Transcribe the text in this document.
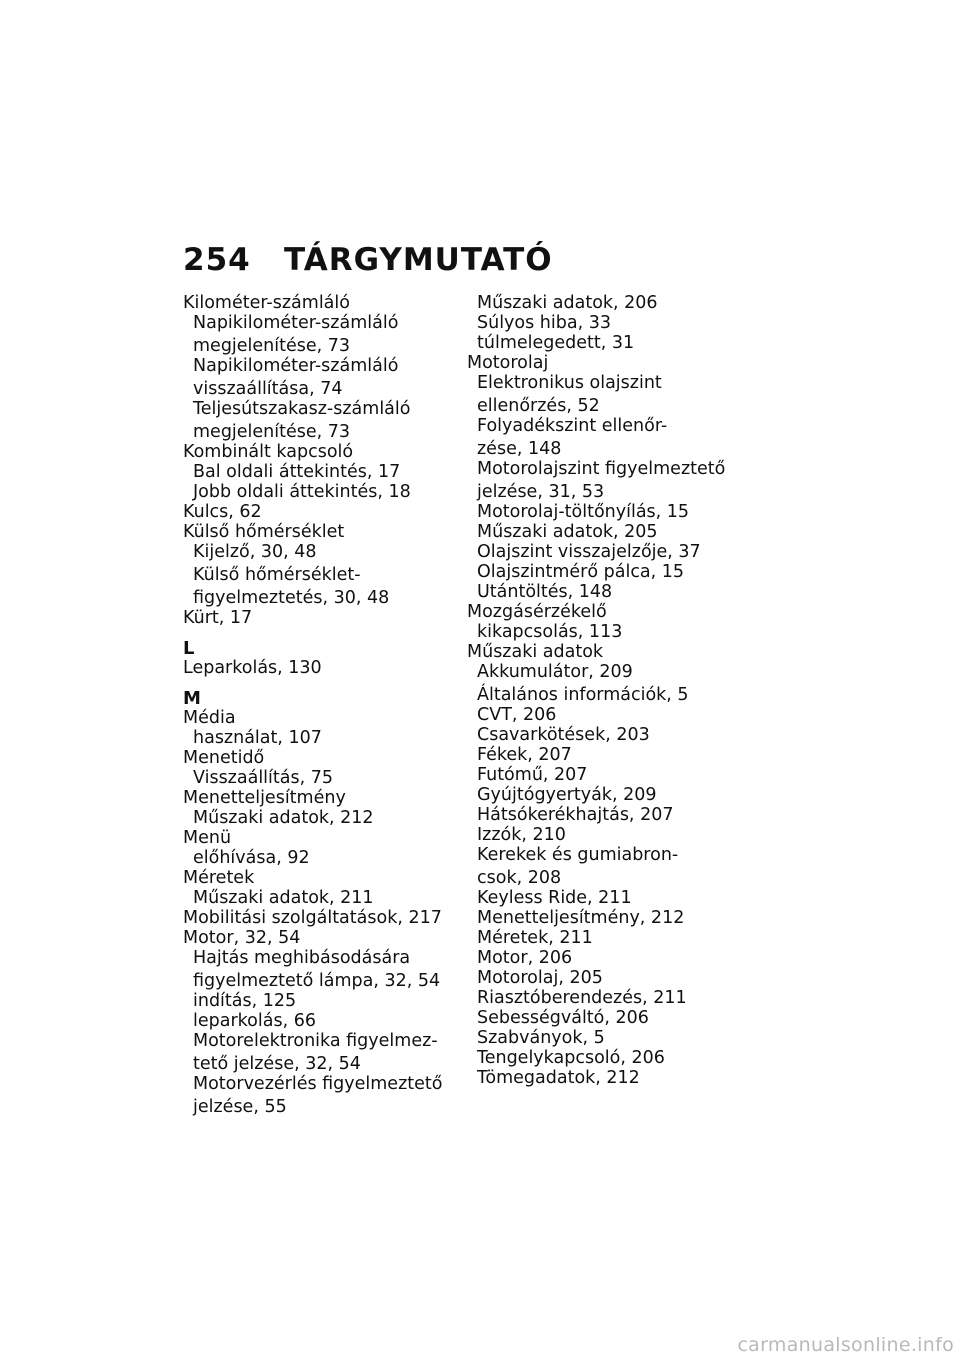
254 TÁRGYMUTATÓ
Kilométer-számláló
Napikilométer-számláló
megjelenítése, 73
Napikilométer-számláló
visszaállítása, 74
Teljesútszakasz-számláló
megjelenítése, 73
Kombinált kapcsoló
Bal oldali áttekintés, 17
Jobb oldali áttekintés, 18
Kulcs, 62
Külső hőmérséklet
Kijelző, 30, 48
Külső hőmérséklet-
figyelmeztetés, 30, 48
Kürt, 17
L
Leparkolás, 130
M
Média
használat, 107
Menetidő
Visszaállítás, 75
Menetteljesítmény
Műszaki adatok, 212
Menü
előhívása, 92
Méretek
Műszaki adatok, 211
Mobilitási szolgáltatások, 217
Motor, 32, 54
Hajtás meghibásodására
figyelmeztető lámpa, 32, 54
indítás, 125
leparkolás, 66
Motorelektronika figyelmez-
tető jelzése, 32, 54
Motorvezérlés figyelmeztető
jelzése, 55
Műszaki adatok, 206
Súlyos hiba, 33
túlmelegedett, 31
Motorolaj
Elektronikus olajszint
ellenőrzés, 52
Folyadékszint ellenőr-
zése, 148
Motorolajszint figyelmeztető
jelzése, 31, 53
Motorolaj-töltőnyílás, 15
Műszaki adatok, 205
Olajszint visszajelzője, 37
Olajszintmérő pálca, 15
Utántöltés, 148
Mozgásérzékelő
kikapcsolás, 113
Műszaki adatok
Akkumulátor, 209
Általános információk, 5
CVT, 206
Csavarkötések, 203
Fékek, 207
Futómű, 207
Gyújtógyertyák, 209
Hátsókerékhajtás, 207
Izzók, 210
Kerekek és gumiabron-
csok, 208
Keyless Ride, 211
Menetteljesítmény, 212
Méretek, 211
Motor, 206
Motorolaj, 205
Riasztóberendezés, 211
Sebességváltó, 206
Szabványok, 5
Tengelykapcsoló, 206
Tömegadatok, 212
carmanualsonline.info
